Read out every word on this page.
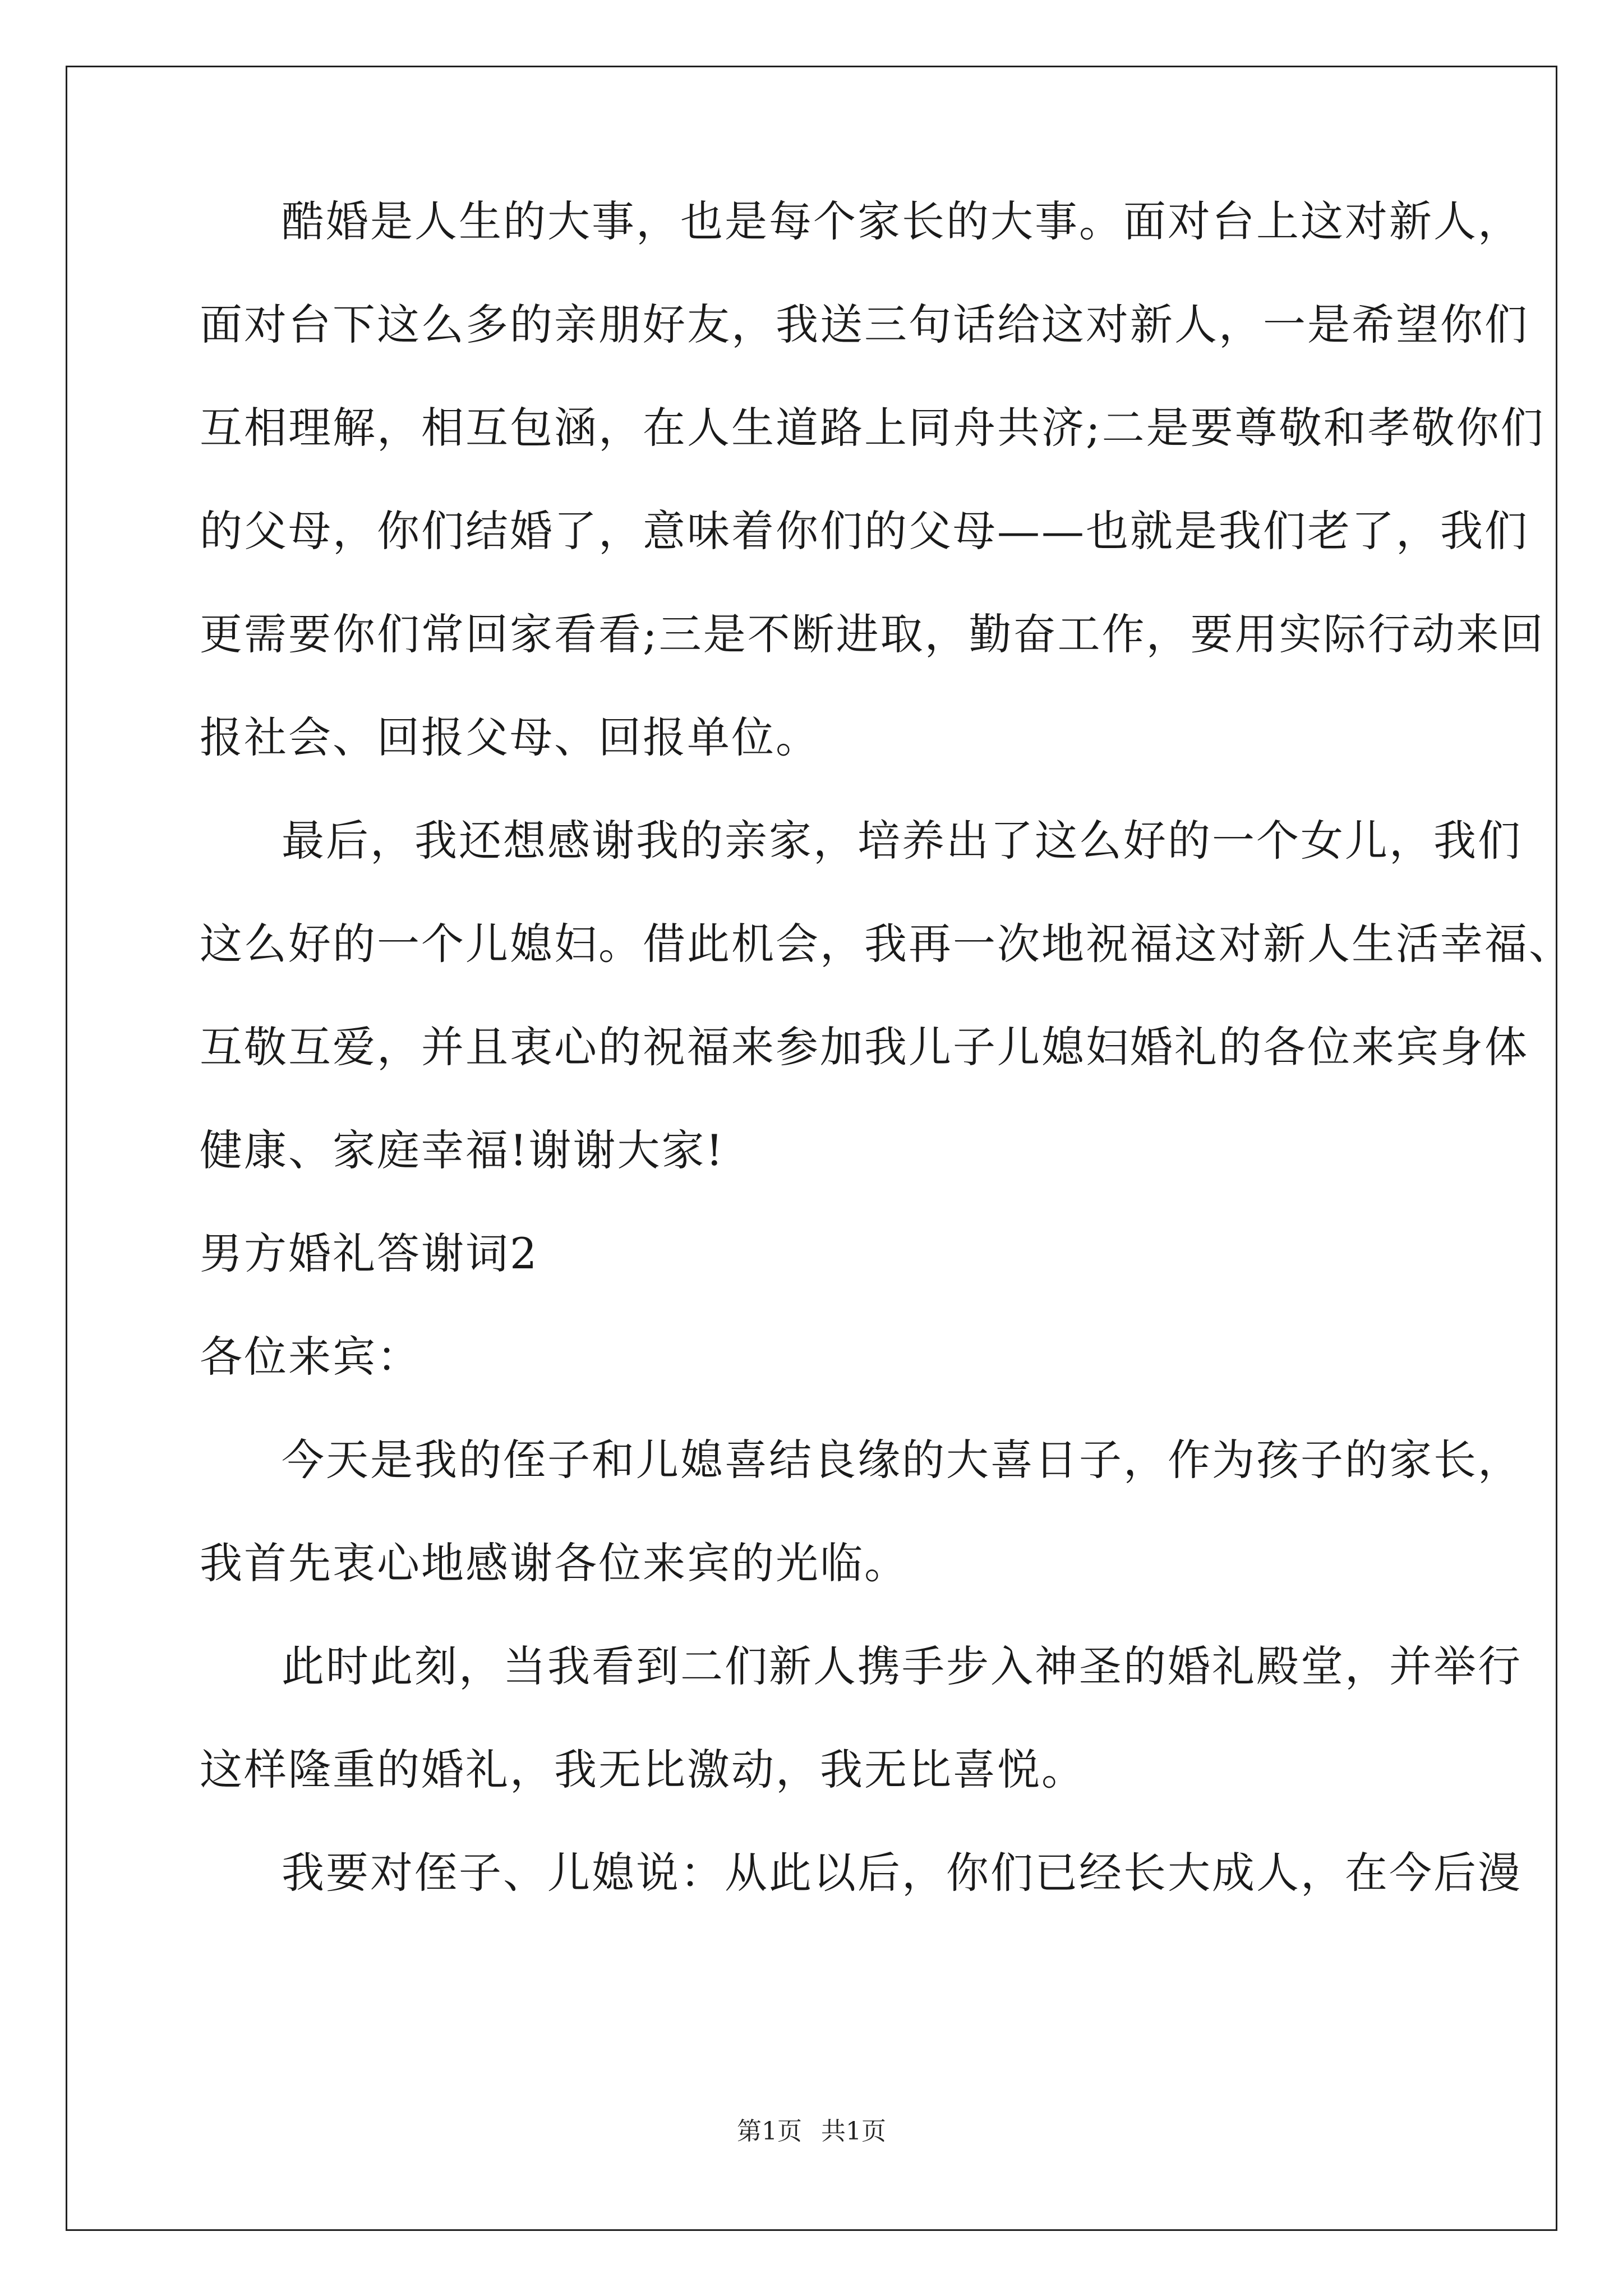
酷婚是人生的大事，也是每个家长的大事。面对台上这对新人，
面对台下这么多的亲朋好友，我送三句话给这对新人，一是希望你们
互相理解，相互包涵，在人生道路上同舟共济;二是要尊敬和孝敬你们
的父母，你们结婚了，意味着你们的父母——也就是我们老了，我们
更需要你们常回家看看;三是不断进取，勤奋工作，要用实际行动来回
报社会、回报父母、回报单位。
最后，我还想感谢我的亲家，培养出了这么好的一个女儿，我们
这么好的一个儿媳妇。借此机会，我再一次地祝福这对新人生活幸福、
互敬互爱，并且衷心的祝福来参加我儿子儿媳妇婚礼的各位来宾身体
健康、家庭幸福!谢谢大家!
男方婚礼答谢词2
各位来宾：
今天是我的侄子和儿媳喜结良缘的大喜日子，作为孩子的家长，
我首先衷心地感谢各位来宾的光临。
此时此刻，当我看到二们新人携手步入神圣的婚礼殿堂，并举行
这样隆重的婚礼，我无比激动，我无比喜悦。
我要对侄子、儿媳说：从此以后，你们已经长大成人，在今后漫
第1页 共1页
